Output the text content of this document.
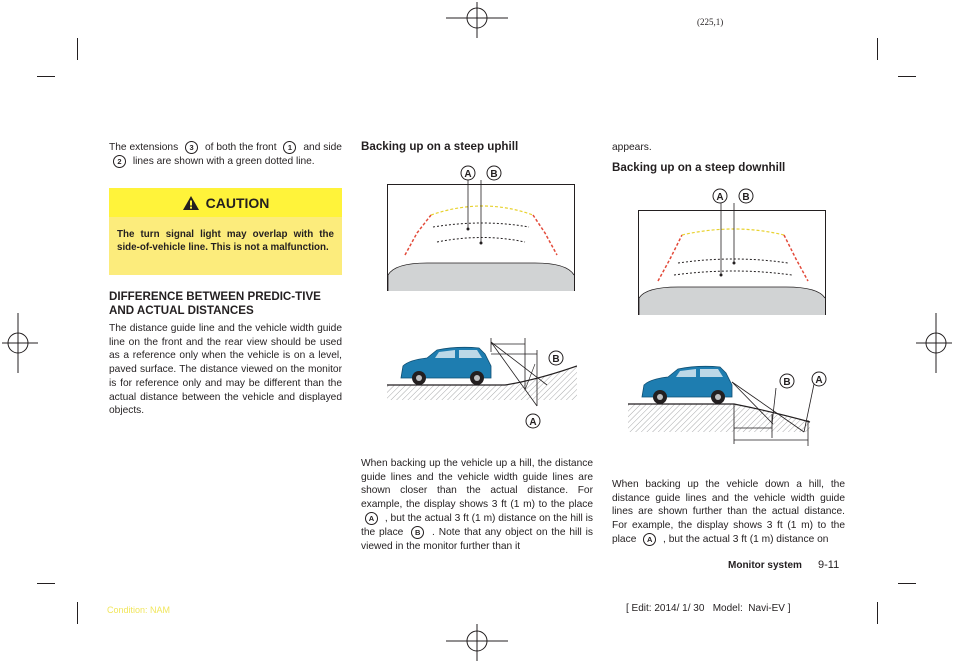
(225,1)

The extensions 3 of both the front 1 and side 2 lines are shown with a green dotted line.

CAUTION
The turn signal light may overlap with the side-of-vehicle line. This is not a malfunction.
DIFFERENCE BETWEEN PREDIC-TIVE AND ACTUAL DISTANCES

The distance guide line and the vehicle width guide line on the front and the rear view should be used as a reference only when the vehicle is on a level, paved surface. The distance viewed on the monitor is for reference only and may be different than the actual distance between the vehicle and displayed objects.

Backing up on a steep uphill
A B
B
A

When backing up the vehicle up a hill, the distance guide lines and the vehicle width guide lines are shown closer than the actual distance. For example, the display shows 3 ft (1 m) to the place A , but the actual 3 ft (1 m) distance on the hill is the place B . Note that any object on the hill is viewed in the monitor further than it

appears.

Backing up on a steep downhill
A B
B A

When backing up the vehicle down a hill, the distance guide lines and the vehicle width guide lines are shown further than the actual distance. For example, the display shows 3 ft (1 m) to the place A , but the actual 3 ft (1 m) distance on

Monitor system 9-11
Condition: NAM	[ Edit: 2014/ 1/ 30   Model:  Navi-EV ]
